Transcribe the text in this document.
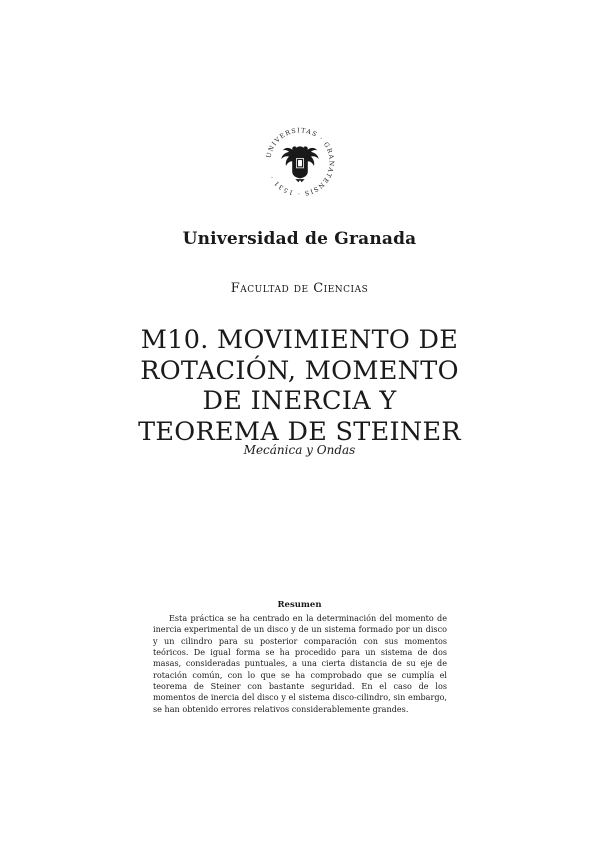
UNIVERSITAS · GRANATENSIS · 1531 ·
Universidad de Granada
Facultad de Ciencias
M10. MOVIMIENTO DE
ROTACIÓN, MOMENTO
DE INERCIA Y
TEOREMA DE STEINER
Mecánica y Ondas
Resumen

Esta práctica se ha centrado en la determinación del momento de inercia experimental de un disco y de un sistema formado por un disco y un cilindro para su posterior comparación con sus momentos teóricos. De igual forma se ha procedido para un sistema de dos masas, consideradas puntuales, a una cierta distancia de su eje de rotación común, con lo que se ha comprobado que se cumplía el teorema de Steiner con bastante seguridad. En el caso de los momentos de inercia del disco y el sistema disco-cilindro, sin embargo, se han obtenido errores relativos considerablemente grandes.
